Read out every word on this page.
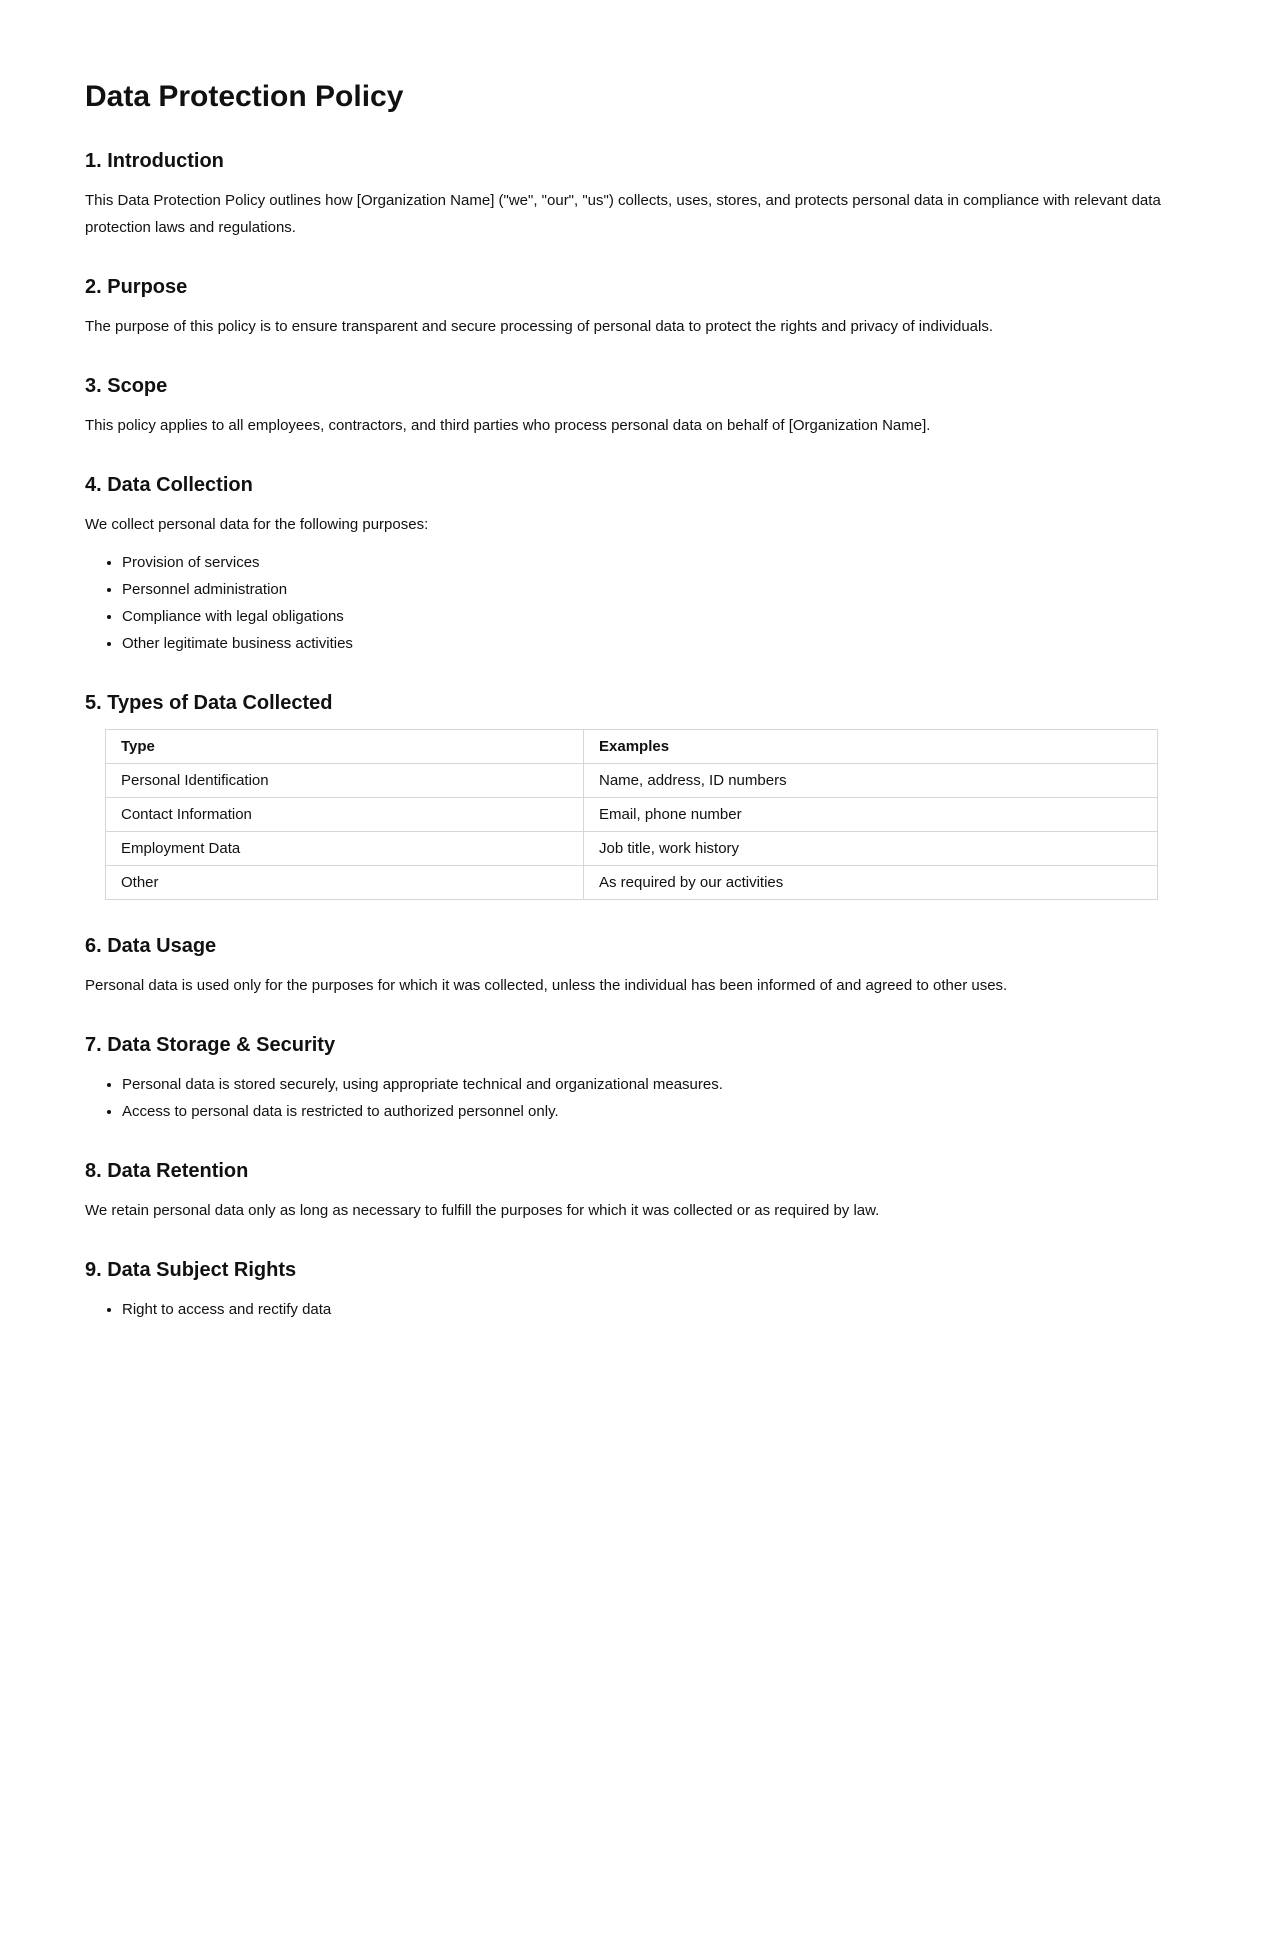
Data Protection Policy
1. Introduction

This Data Protection Policy outlines how [Organization Name] ("we", "our", "us") collects, uses, stores, and protects personal data in compliance with relevant data protection laws and regulations.

2. Purpose

The purpose of this policy is to ensure transparent and secure processing of personal data to protect the rights and privacy of individuals.

3. Scope

This policy applies to all employees, contractors, and third parties who process personal data on behalf of [Organization Name].

4. Data Collection

We collect personal data for the following purposes:

• Provision of services
• Personnel administration
• Compliance with legal obligations
• Other legitimate business activities
5. Types of Data Collected
Type	Examples
Personal Identification	Name, address, ID numbers
Contact Information	Email, phone number
Employment Data	Job title, work history
Other	As required by our activities
6. Data Usage

Personal data is used only for the purposes for which it was collected, unless the individual has been informed of and agreed to other uses.

7. Data Storage & Security
• Personal data is stored securely, using appropriate technical and organizational measures.
• Access to personal data is restricted to authorized personnel only.
8. Data Retention

We retain personal data only as long as necessary to fulfill the purposes for which it was collected or as required by law.

9. Data Subject Rights
• Right to access and rectify data
